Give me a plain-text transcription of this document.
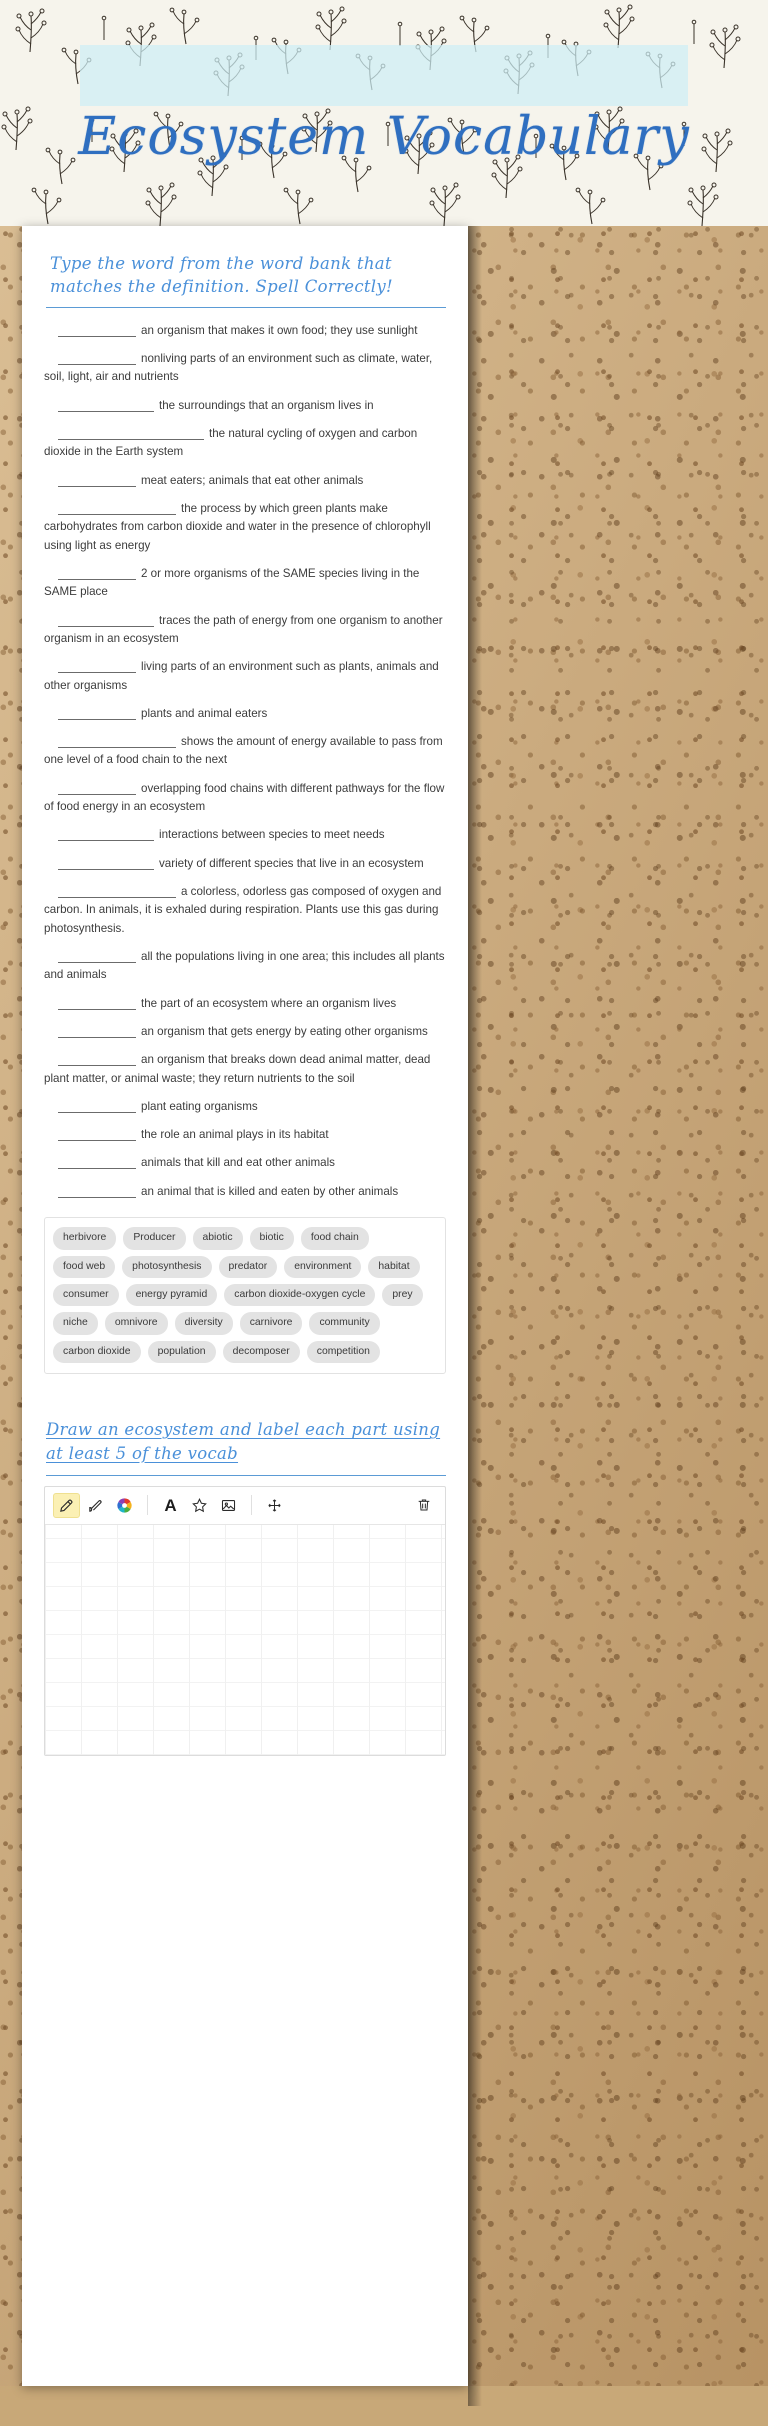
Ecosystem Vocabulary
Type the word from the word bank that matches the definition. Spell Correctly!

an organism that makes it own food; they use sunlight

nonliving parts of an environment such as climate, water, soil, light, air and nutrients

the surroundings that an organism lives in

the natural cycling of oxygen and carbon dioxide in the Earth system

meat eaters; animals that eat other animals

the process by which green plants make carbohydrates from carbon dioxide and water in the presence of chlorophyll using light as energy

2 or more organisms of the SAME species living in the SAME place

traces the path of energy from one organism to another organism in an ecosystem

living parts of an environment such as plants, animals and other organisms

plants and animal eaters

shows the amount of energy available to pass from one level of a food chain to the next

overlapping food chains with different pathways for the flow of food energy in an ecosystem

interactions between species to meet needs

variety of different species that live in an ecosystem

a colorless, odorless gas composed of oxygen and carbon. In animals, it is exhaled during respiration. Plants use this gas during photosynthesis.

all the populations living in one area; this includes all plants and animals

the part of an ecosystem where an organism lives

an organism that gets energy by eating other organisms

an organism that breaks down dead animal matter, dead plant matter, or animal waste; they return nutrients to the soil

plant eating organisms

the role an animal plays in its habitat

animals that kill and eat other animals

an animal that is killed and eaten by other animals

herbivore	Producer	abiotic	biotic	food chain
food web	photosynthesis	predator	environment	habitat
consumer	energy pyramid	carbon dioxide-oxygen cycle	prey
niche	omnivore	diversity	carnivore	community
carbon dioxide	population	decomposer	competition
Draw an ecosystem and label each part using at least 5 of the vocab
A
